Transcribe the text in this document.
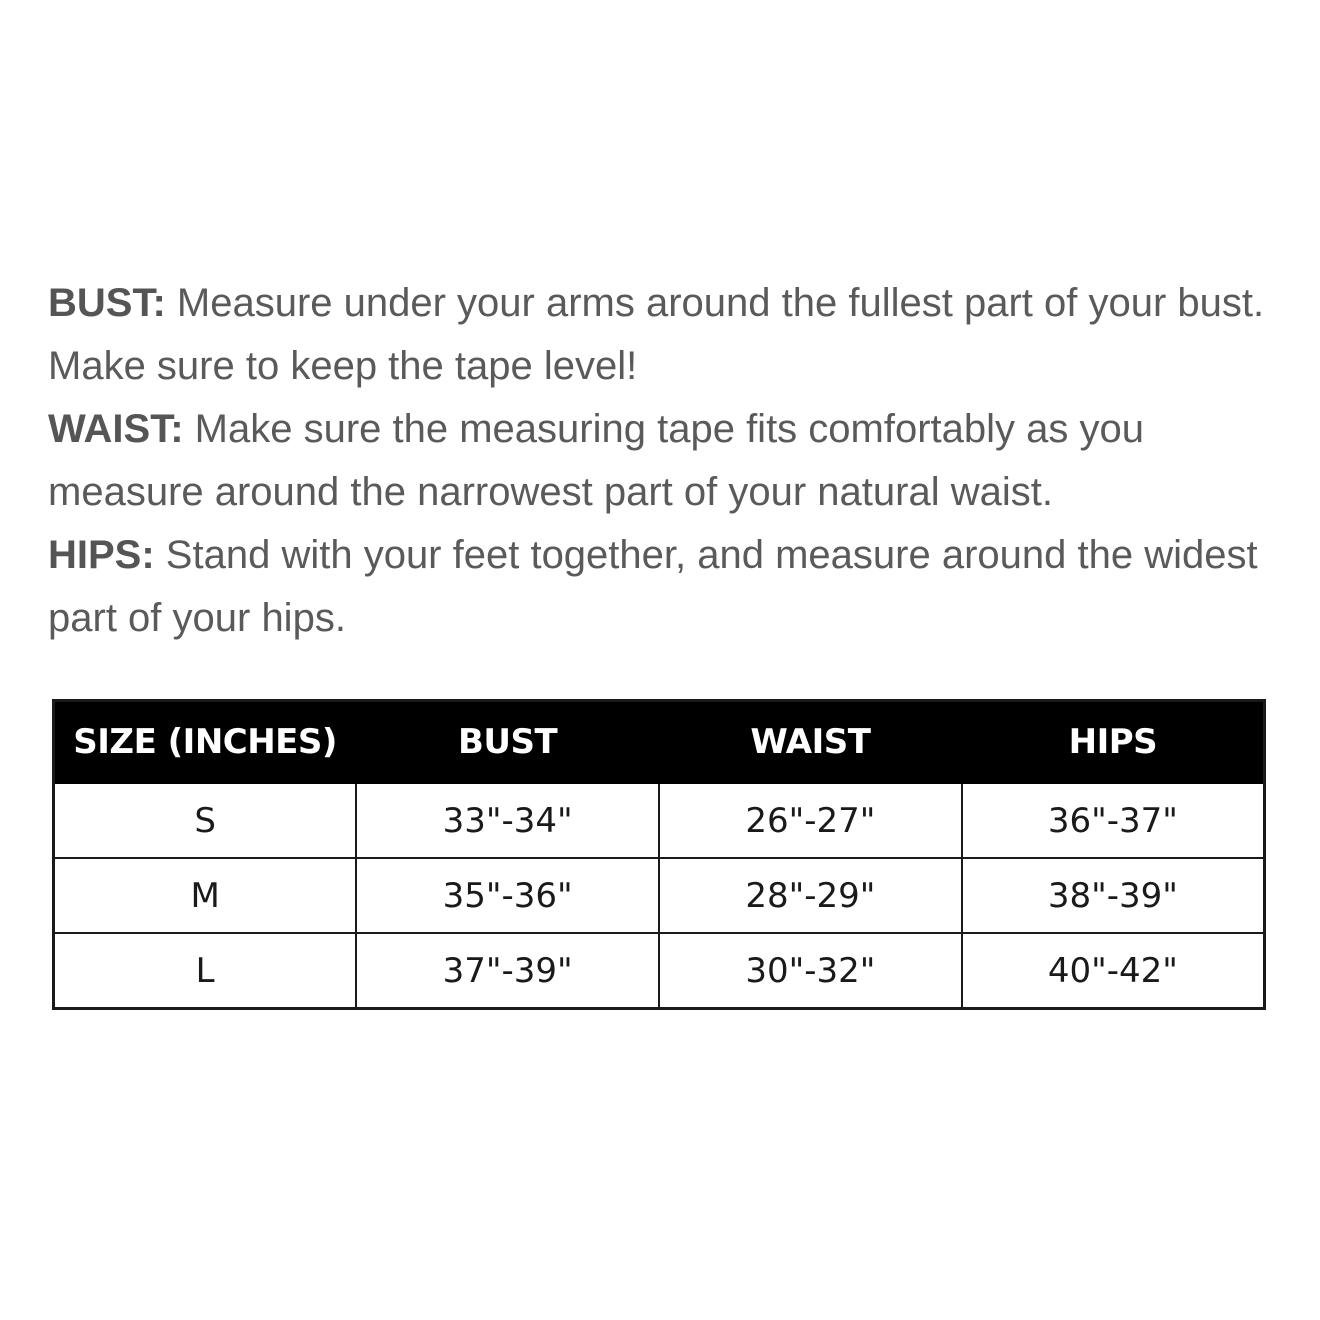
BUST: Measure under your arms around the fullest part of your bust. Make sure to keep the tape level!

WAIST: Make sure the measuring tape fits comfortably as you measure around the narrowest part of your natural waist.

HIPS: Stand with your feet together, and measure around the widest part of your hips.

SIZE (INCHES)	BUST	WAIST	HIPS
S	33"-34"	26"-27"	36"-37"
M	35"-36"	28"-29"	38"-39"
L	37"-39"	30"-32"	40"-42"
